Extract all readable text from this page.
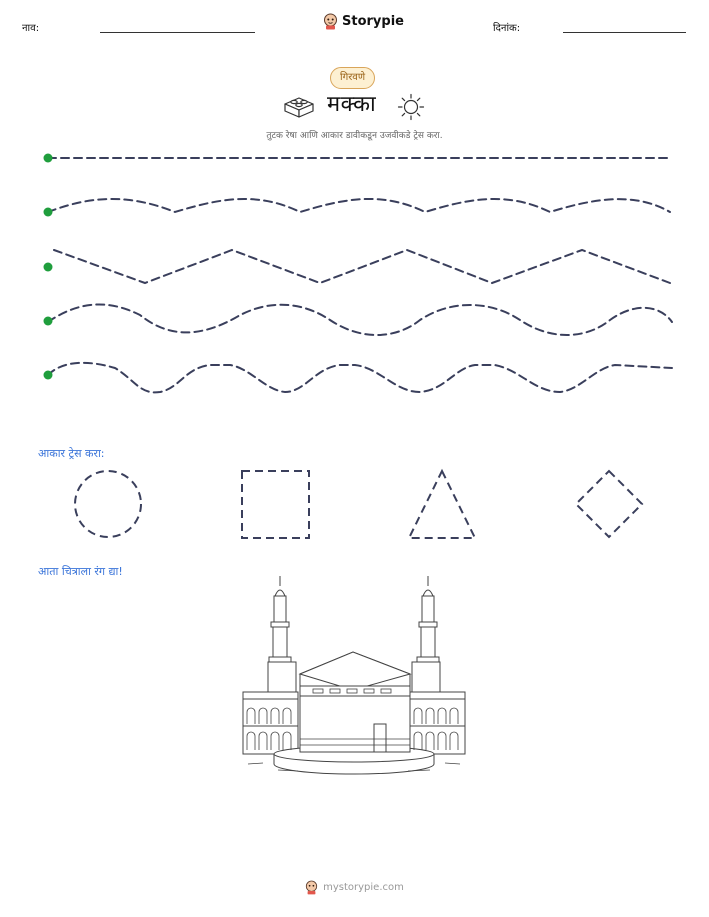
नाव:	Storypie	दिनांक:
गिरवणे
मक्का
तुटक रेषा आणि आकार डावीकडून उजवीकडे ट्रेस करा.
आकार ट्रेस करा:
आता चित्राला रंग द्या!
mystorypie.com
